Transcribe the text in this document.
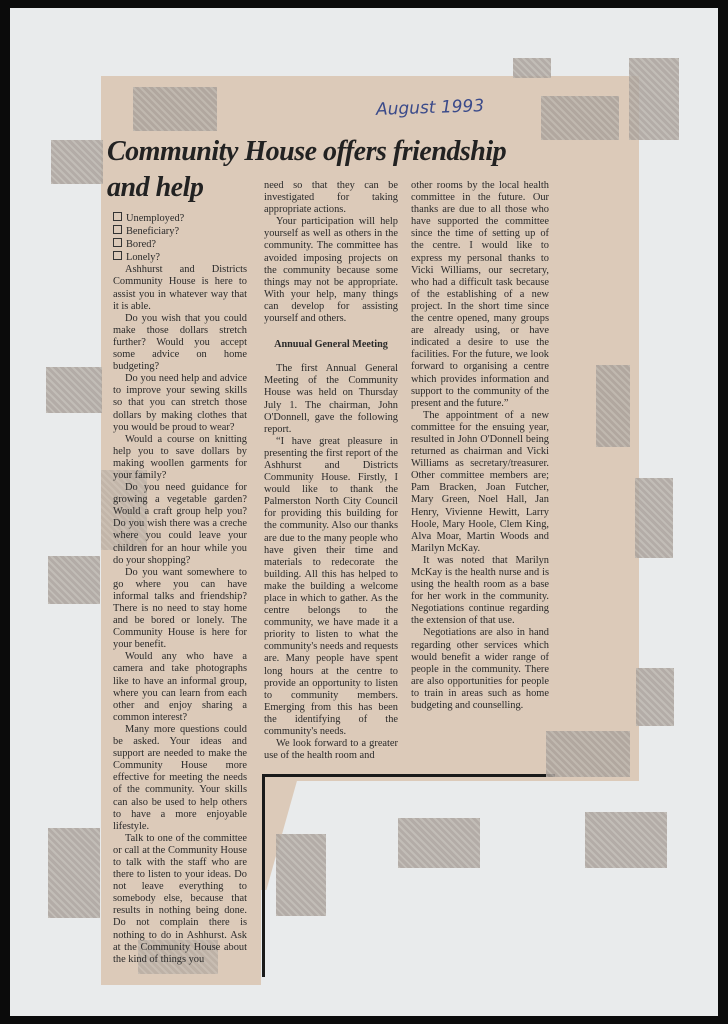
August 1993
Community House offers friendship
and help

Unemployed?

Beneficiary?

Bored?

Lonely?

Ashhurst and Districts Community House is here to assist you in whatever way that it is able.

Do you wish that you could make those dollars stretch further? Would you accept some advice on home budgeting?

Do you need help and advice to improve your sewing skills so that you can stretch those dollars by making clothes that you would be proud to wear?

Would a course on knitting help you to save dollars by making woollen garments for your family?

Do you need guidance for growing a vegetable garden? Would a craft group help you? Do you wish there was a creche where you could leave your children for an hour while you do your shopping?

Do you want somewhere to go where you can have informal talks and friendship? There is no need to stay home and be bored or lonely. The Community House is here for your benefit.

Would any who have a camera and take photographs like to have an informal group, where you can learn from each other and enjoy sharing a common interest?

Many more questions could be asked. Your ideas and support are needed to make the Community House more effective for meeting the needs of the community. Your skills can also be used to help others to have a more enjoyable lifestyle.

Talk to one of the committee or call at the Community House to talk with the staff who are there to listen to your ideas. Do not leave everything to somebody else, because that results in nothing being done. Do not complain there is nothing to do in Ashhurst. Ask at the Community House about the kind of things you

need so that they can be investigated for taking appropriate actions.

Your participation will help yourself as well as others in the community. The committee has avoided imposing projects on the community because some things may not be appropriate. With your help, many things can develop for assisting yourself and others.

Annuual General Meeting

The first Annual General Meeting of the Community House was held on Thursday July 1. The chairman, John O'Donnell, gave the following report.

“I have great pleasure in presenting the first report of the Ashhurst and Districts Community House. Firstly, I would like to thank the Palmerston North City Council for providing this building for the community. Also our thanks are due to the many people who have given their time and materials to redecorate the building. All this has helped to make the building a welcome place in which to gather. As the centre belongs to the community, we have made it a priority to listen to what the community's needs and requests are. Many people have spent long hours at the centre to provide an opportunity to listen to community members. Emerging from this has been the identifying of the community's needs.

We look forward to a greater use of the health room and

other rooms by the local health committee in the future. Our thanks are due to all those who have supported the committee since the time of setting up of the centre. I would like to express my personal thanks to Vicki Williams, our secretary, who had a difficult task because of the establishing of a new project. In the short time since the centre opened, many groups are already using, or have indicated a desire to use the facilities. For the future, we look forward to organising a centre which provides information and support to the community of the present and the future.”

The appointment of a new committee for the ensuing year, resulted in John O'Donnell being returned as chairman and Vicki Williams as secretary/treasurer. Other committee members are; Pam Bracken, Joan Futcher, Mary Green, Noel Hall, Jan Henry, Vivienne Hewitt, Larry Hoole, Mary Hoole, Clem King, Alva Moar, Martin Woods and Marilyn McKay.

It was noted that Marilyn McKay is the health nurse and is using the health room as a base for her work in the community. Negotiations continue regarding the extension of that use.

Negotiations are also in hand regarding other services which would benefit a wider range of people in the community. There are also opportunities for people to train in areas such as home budgeting and counselling.
